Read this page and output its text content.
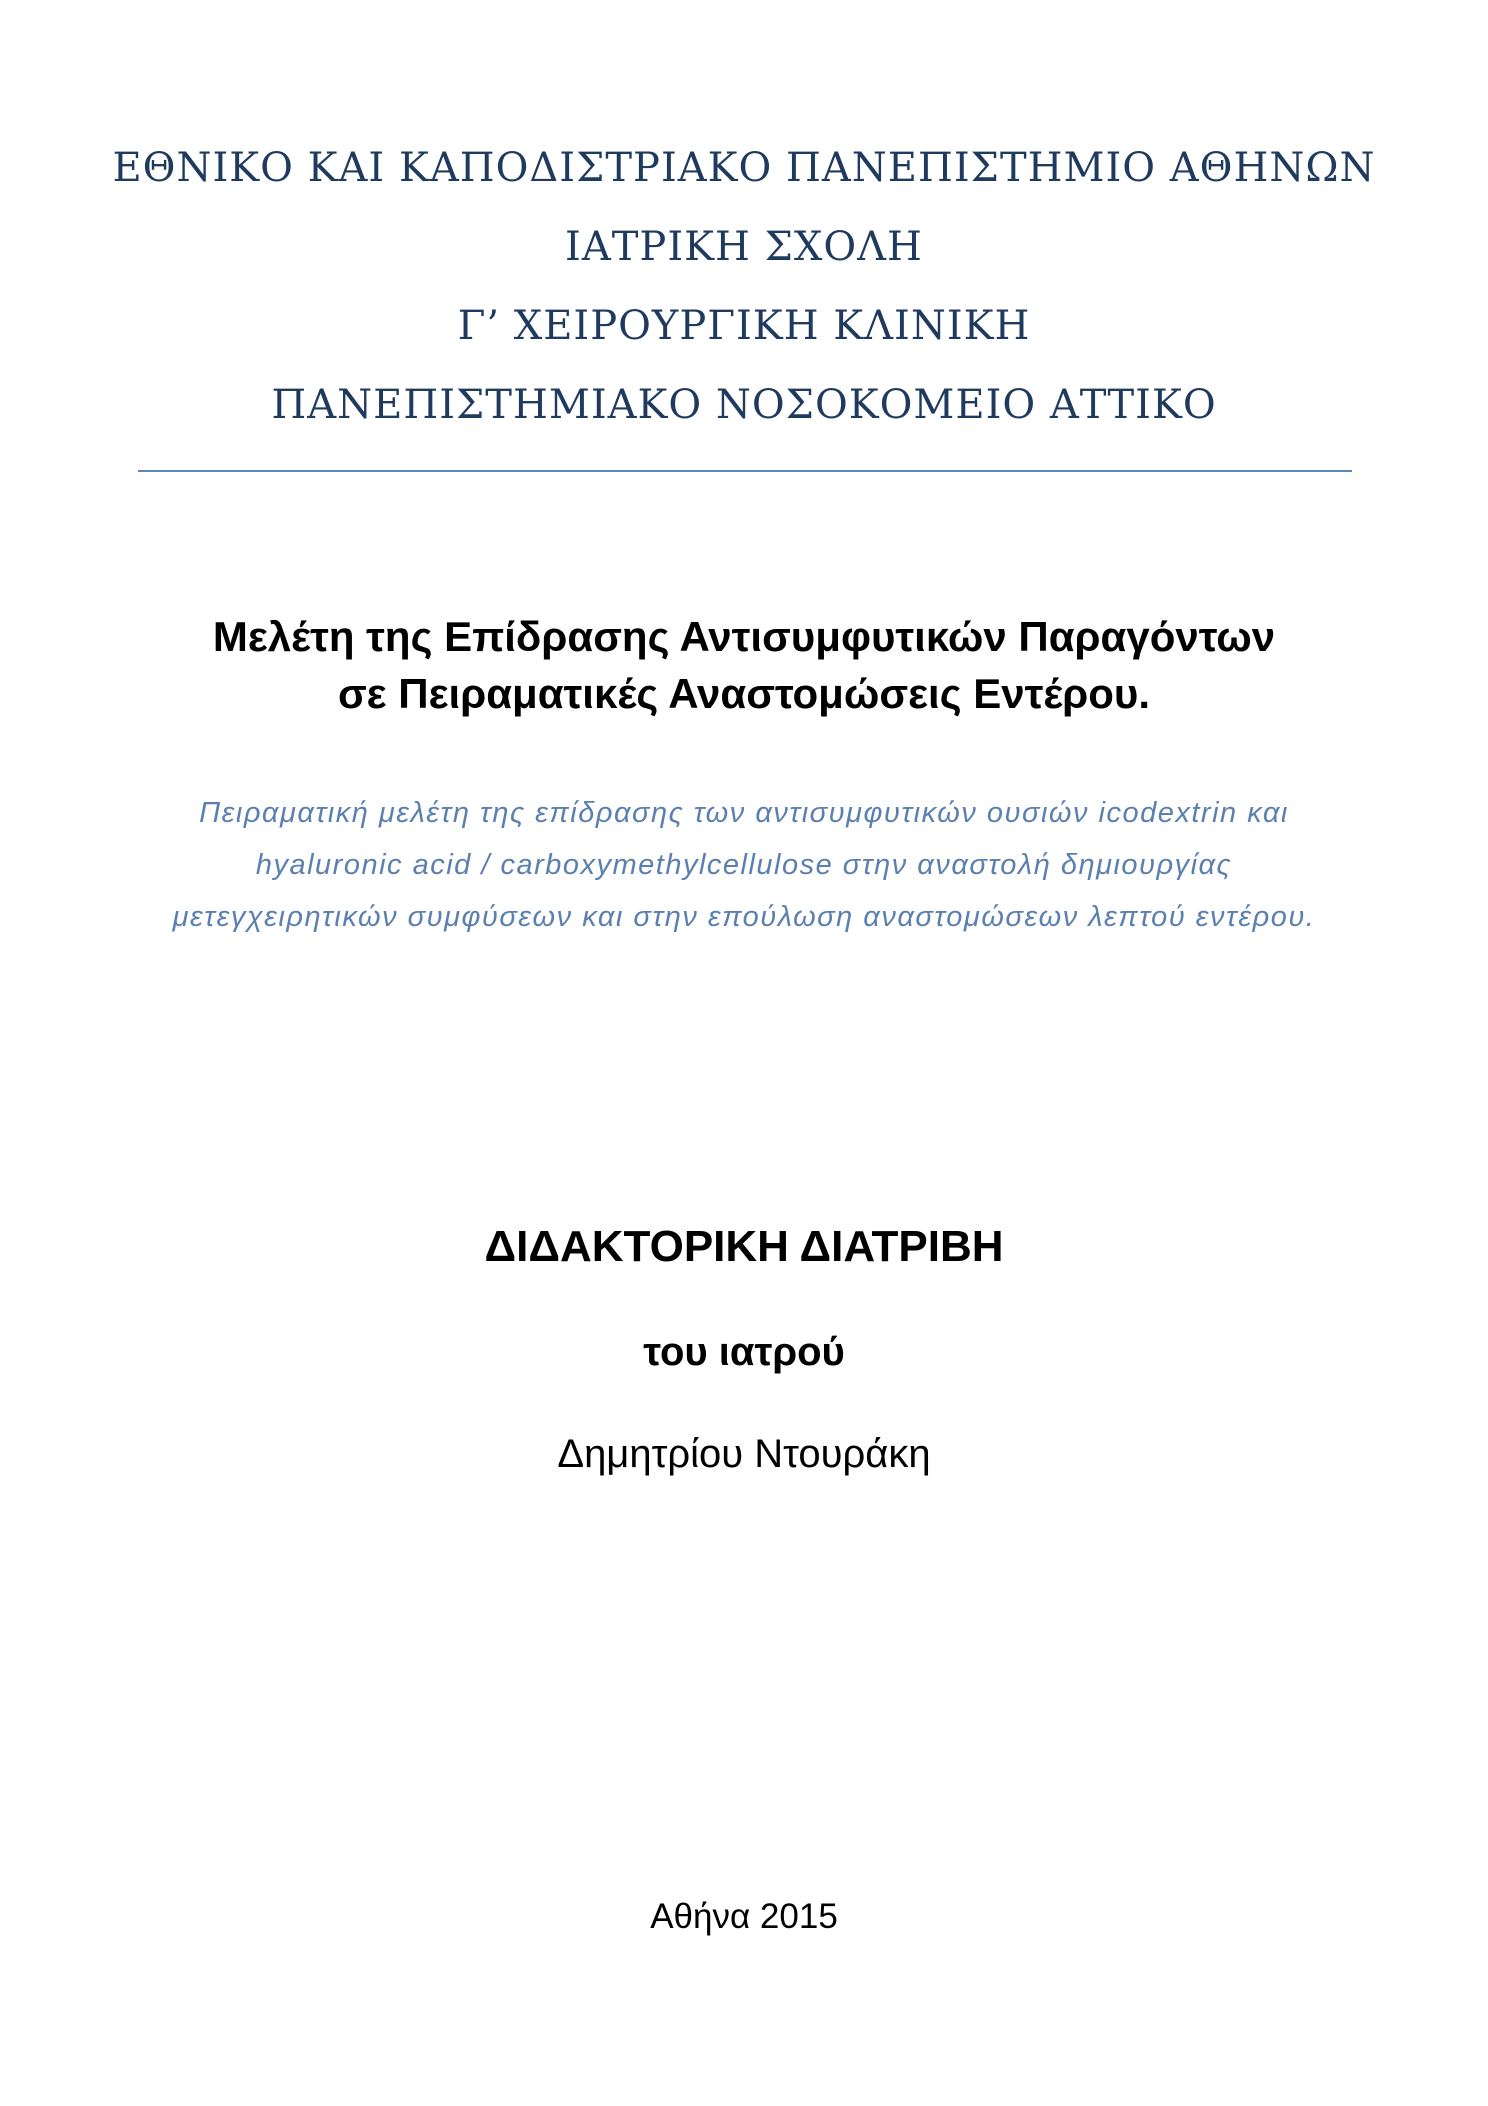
ΕΘΝΙΚΟ ΚΑΙ ΚΑΠΟΔΙΣΤΡΙΑΚΟ ΠΑΝΕΠΙΣΤΗΜΙΟ ΑΘΗΝΩΝ
ΙΑΤΡΙΚΗ ΣΧΟΛΗ
Γ’ ΧΕΙΡΟΥΡΓΙΚΗ ΚΛΙΝΙΚΗ
ΠΑΝΕΠΙΣΤΗΜΙΑΚΟ ΝΟΣΟΚΟΜΕΙΟ ΑΤΤΙΚΟ
Μελέτη της Επίδρασης Αντισυμφυτικών Παραγόντων
σε Πειραματικές Αναστομώσεις Εντέρου.
Πειραματική μελέτη της επίδρασης των αντισυμφυτικών ουσιών icodextrin και
hyaluronic acid / carboxymethylcellulose στην αναστολή δημιουργίας
μετεγχειρητικών συμφύσεων και στην επούλωση αναστομώσεων λεπτού εντέρου.
ΔΙΔΑΚΤΟΡΙΚΗ ΔΙΑΤΡΙΒΗ
του ιατρού
Δημητρίου Ντουράκη
Αθήνα 2015
